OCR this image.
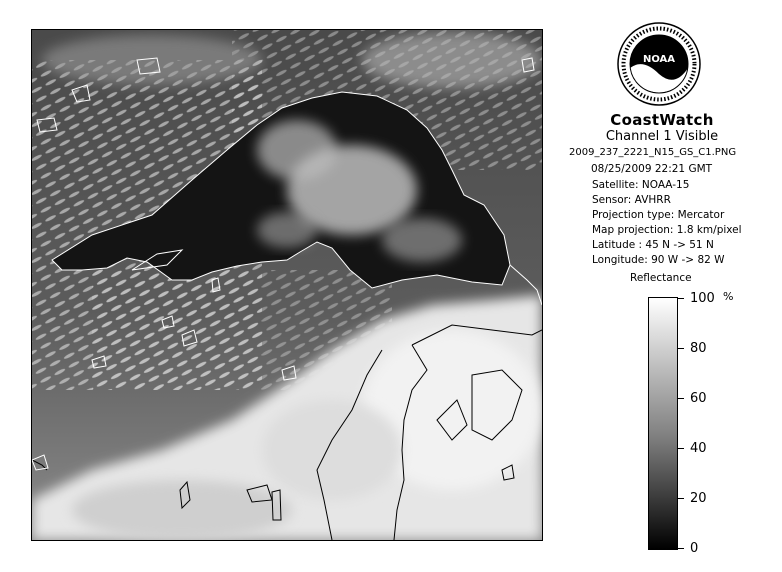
NOAA
CoastWatch
Channel 1 Visible
2009_237_2221_N15_GS_C1.PNG
08/25/2009 22:21 GMT
Satellite: NOAA-15
Sensor: AVHRR
Projection type: Mercator
Map projection: 1.8 km/pixel
Latitude : 45 N -> 51 N
Longitude: 90 W -> 82 W
Reflectance
%
100
80
60
40
20
0
